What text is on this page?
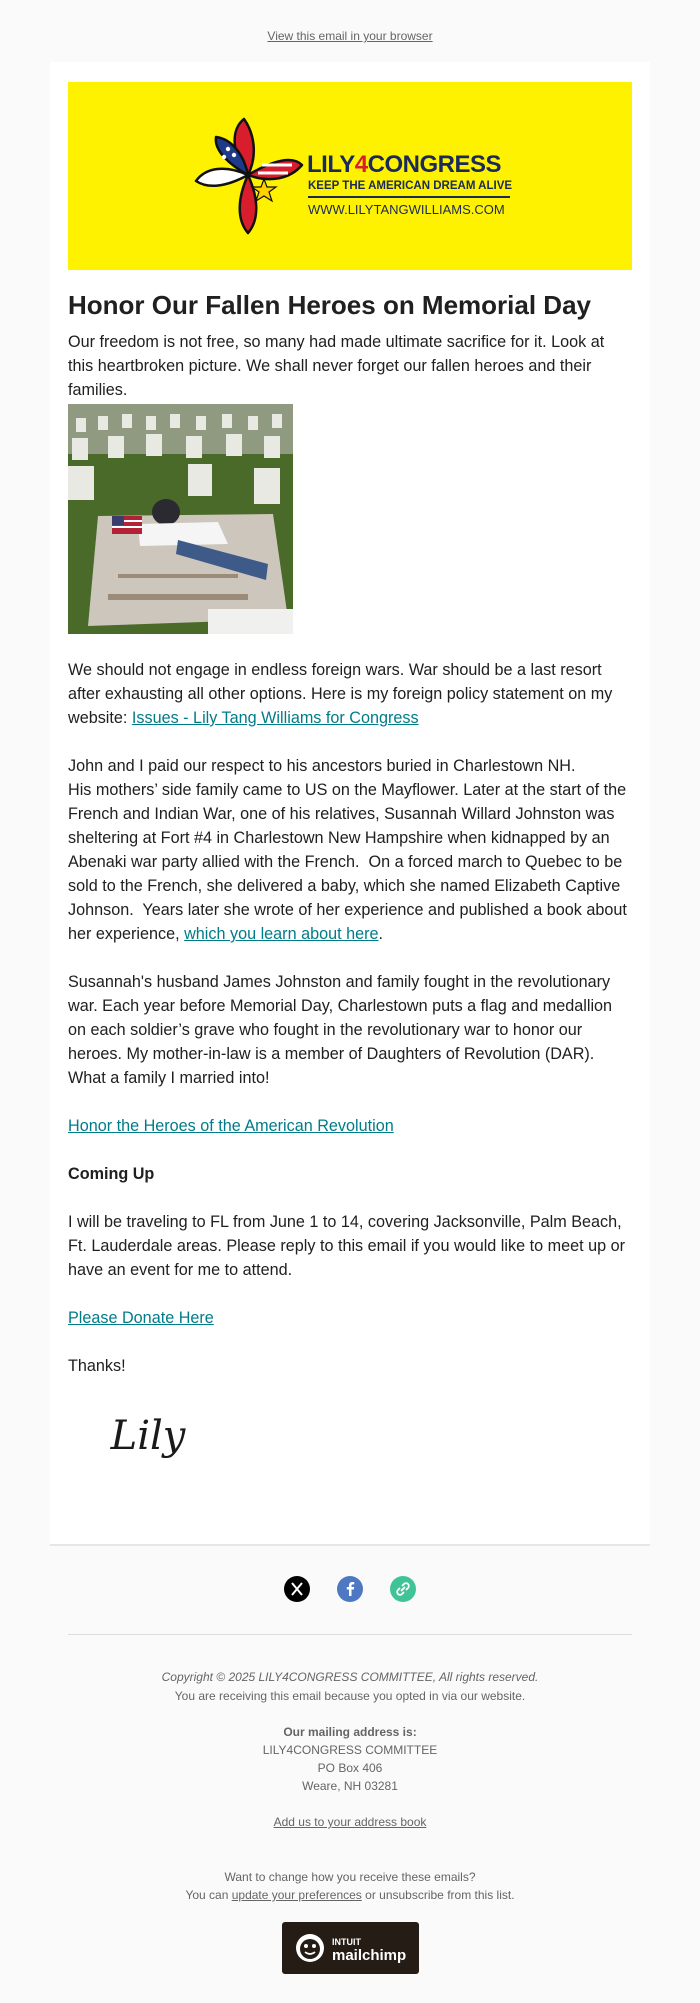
View this email in your browser
LILY4CONGRESS
KEEP THE AMERICAN DREAM ALIVE
WWW.LILYTANGWILLIAMS.COM
Honor Our Fallen Heroes on Memorial Day

Our freedom is not free, so many had made ultimate sacrifice for it. Look at this heartbroken picture. We shall never forget our fallen heroes and their families.

We should not engage in endless foreign wars. War should be a last resort after exhausting all other options. Here is my foreign policy statement on my website: Issues - Lily Tang Williams for Congress

John and I paid our respect to his ancestors buried in Charlestown NH.

His mothers’ side family came to US on the Mayflower. Later at the start of the French and Indian War, one of his relatives, Susannah Willard Johnston was sheltering at Fort #4 in Charlestown New Hampshire when kidnapped by an Abenaki war party allied with the French.  On a forced march to Quebec to be sold to the French, she delivered a baby, which she named Elizabeth Captive Johnson.  Years later she wrote of her experience and published a book about her experience, which you learn about here.

Susannah's husband James Johnston and family fought in the revolutionary war. Each year before Memorial Day, Charlestown puts a flag and medallion on each soldier’s grave who fought in the revolutionary war to honor our heroes. My mother-in-law is a member of Daughters of Revolution (DAR). What a family I married into!

Honor the Heroes of the American Revolution

Coming Up

I will be traveling to FL from June 1 to 14, covering Jacksonville, Palm Beach, Ft. Lauderdale areas. Please reply to this email if you would like to meet up or have an event for me to attend.

Please Donate Here

Thanks!

Lily
Copyright © 2025 LILY4CONGRESS COMMITTEE, All rights reserved.
You are receiving this email because you opted in via our website.
Our mailing address is:
LILY4CONGRESS COMMITTEE
PO Box 406
Weare, NH 03281
Add us to your address book
Want to change how you receive these emails?
You can update your preferences or unsubscribe from this list.
INTUIT
mailchimp
